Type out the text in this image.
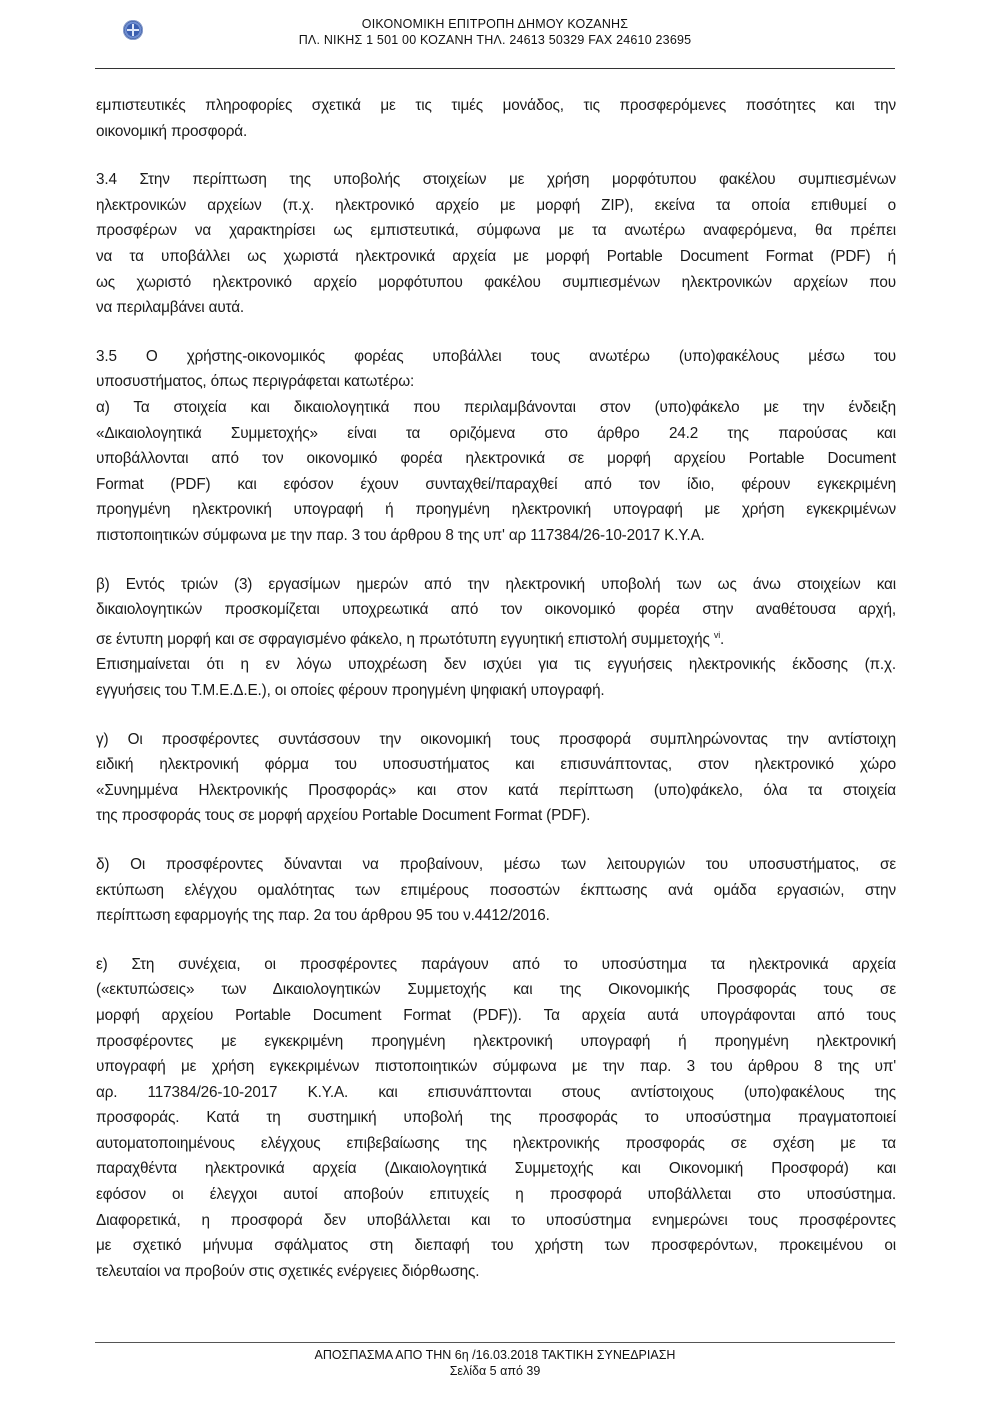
ΟΙΚΟΝΟΜΙΚΗ ΕΠΙΤΡΟΠΗ ΔΗΜΟΥ ΚΟΖΑΝΗΣ
ΠΛ. ΝΙΚΗΣ 1 501 00 ΚΟΖΑΝΗ ΤΗΛ. 24613 50329 FAX 24610 23695

εμπιστευτικές πληροφορίες σχετικά με τις τιμές μονάδος, τις προσφερόμενες ποσότητες και την
οικονομική προσφορά.

3.4 Στην περίπτωση της υποβολής στοιχείων με χρήση μορφότυπου φακέλου συμπιεσμένων
ηλεκτρονικών αρχείων (π.χ. ηλεκτρονικό αρχείο με μορφή ZIP), εκείνα τα οποία επιθυμεί ο
προσφέρων να χαρακτηρίσει ως εμπιστευτικά, σύμφωνα με τα ανωτέρω αναφερόμενα, θα πρέπει
να τα υποβάλλει ως χωριστά ηλεκτρονικά αρχεία με μορφή Portable Document Format (PDF) ή
ως χωριστό ηλεκτρονικό αρχείο μορφότυπου φακέλου συμπιεσμένων ηλεκτρονικών αρχείων που
να περιλαμβάνει αυτά.

3.5 Ο χρήστης-οικονομικός φορέας υποβάλλει τους ανωτέρω (υπο)φακέλους μέσω του
υποσυστήματος, όπως περιγράφεται κατωτέρω:
α) Τα στοιχεία και δικαιολογητικά που περιλαμβάνονται στον (υπο)φάκελο με την ένδειξη
«Δικαιολογητικά Συμμετοχής» είναι τα οριζόμενα στο άρθρο 24.2 της παρούσας και
υποβάλλονται από τον οικονομικό φορέα ηλεκτρονικά σε μορφή αρχείου Portable Document
Format (PDF) και εφόσον έχουν συνταχθεί/παραχθεί από τον ίδιο, φέρουν εγκεκριμένη
προηγμένη ηλεκτρονική υπογραφή ή προηγμένη ηλεκτρονική υπογραφή με χρήση εγκεκριμένων
πιστοποιητικών σύμφωνα με την παρ. 3 του άρθρου 8 της υπ' αρ 117384/26-10-2017 Κ.Υ.Α.

β) Εντός τριών (3) εργασίμων ημερών από την ηλεκτρονική υποβολή των ως άνω στοιχείων και
δικαιολογητικών προσκομίζεται υποχρεωτικά από τον οικονομικό φορέα στην αναθέτουσα αρχή,
σε έντυπη μορφή και σε σφραγισμένο φάκελο, η πρωτότυπη εγγυητική επιστολή συμμετοχής $^{vi}$.
Επισημαίνεται ότι η εν λόγω υποχρέωση δεν ισχύει για τις εγγυήσεις ηλεκτρονικής έκδοσης (π.χ.
εγγυήσεις του Τ.Μ.Ε.Δ.Ε.), οι οποίες φέρουν προηγμένη ψηφιακή υπογραφή.

γ) Οι προσφέροντες συντάσσουν την οικονομική τους προσφορά συμπληρώνοντας την αντίστοιχη
ειδική ηλεκτρονική φόρμα του υποσυστήματος και επισυνάπτοντας, στον ηλεκτρονικό χώρο
«Συνημμένα Ηλεκτρονικής Προσφοράς» και στον κατά περίπτωση (υπο)φάκελο, όλα τα στοιχεία
της προσφοράς τους σε μορφή αρχείου Portable Document Format (PDF).

δ) Οι προσφέροντες δύνανται να προβαίνουν, μέσω των λειτουργιών του υποσυστήματος, σε
εκτύπωση ελέγχου ομαλότητας των επιμέρους ποσοστών έκπτωσης ανά ομάδα εργασιών, στην
περίπτωση εφαρμογής της παρ. 2α του άρθρου 95 του ν.4412/2016.

ε) Στη συνέχεια, οι προσφέροντες παράγουν από το υποσύστημα τα ηλεκτρονικά αρχεία
(«εκτυπώσεις» των Δικαιολογητικών Συμμετοχής και της Οικονομικής Προσφοράς τους σε
μορφή αρχείου Portable Document Format (PDF)). Τα αρχεία αυτά υπογράφονται από τους
προσφέροντες με εγκεκριμένη προηγμένη ηλεκτρονική υπογραφή ή προηγμένη ηλεκτρονική
υπογραφή με χρήση εγκεκριμένων πιστοποιητικών σύμφωνα με την παρ. 3 του άρθρου 8 της υπ'
αρ. 117384/26-10-2017 Κ.Υ.Α. και επισυνάπτονται στους αντίστοιχους (υπο)φακέλους της
προσφοράς. Κατά τη συστημική υποβολή της προσφοράς το υποσύστημα πραγματοποιεί
αυτοματοποιημένους ελέγχους επιβεβαίωσης της ηλεκτρονικής προσφοράς σε σχέση με τα
παραχθέντα ηλεκτρονικά αρχεία (Δικαιολογητικά Συμμετοχής και Οικονομική Προσφορά) και
εφόσον οι έλεγχοι αυτοί αποβούν επιτυχείς η προσφορά υποβάλλεται στο υποσύστημα.
Διαφορετικά, η προσφορά δεν υποβάλλεται και το υποσύστημα ενημερώνει τους προσφέροντες
με σχετικό μήνυμα σφάλματος στη διεπαφή του χρήστη των προσφερόντων, προκειμένου οι
τελευταίοι να προβούν στις σχετικές ενέργειες διόρθωσης.

ΑΠΟΣΠΑΣΜΑ ΑΠΟ ΤΗΝ 6η /16.03.2018 ΤΑΚΤΙΚΗ ΣΥΝΕΔΡΙΑΣΗ
Σελίδα 5 από 39
